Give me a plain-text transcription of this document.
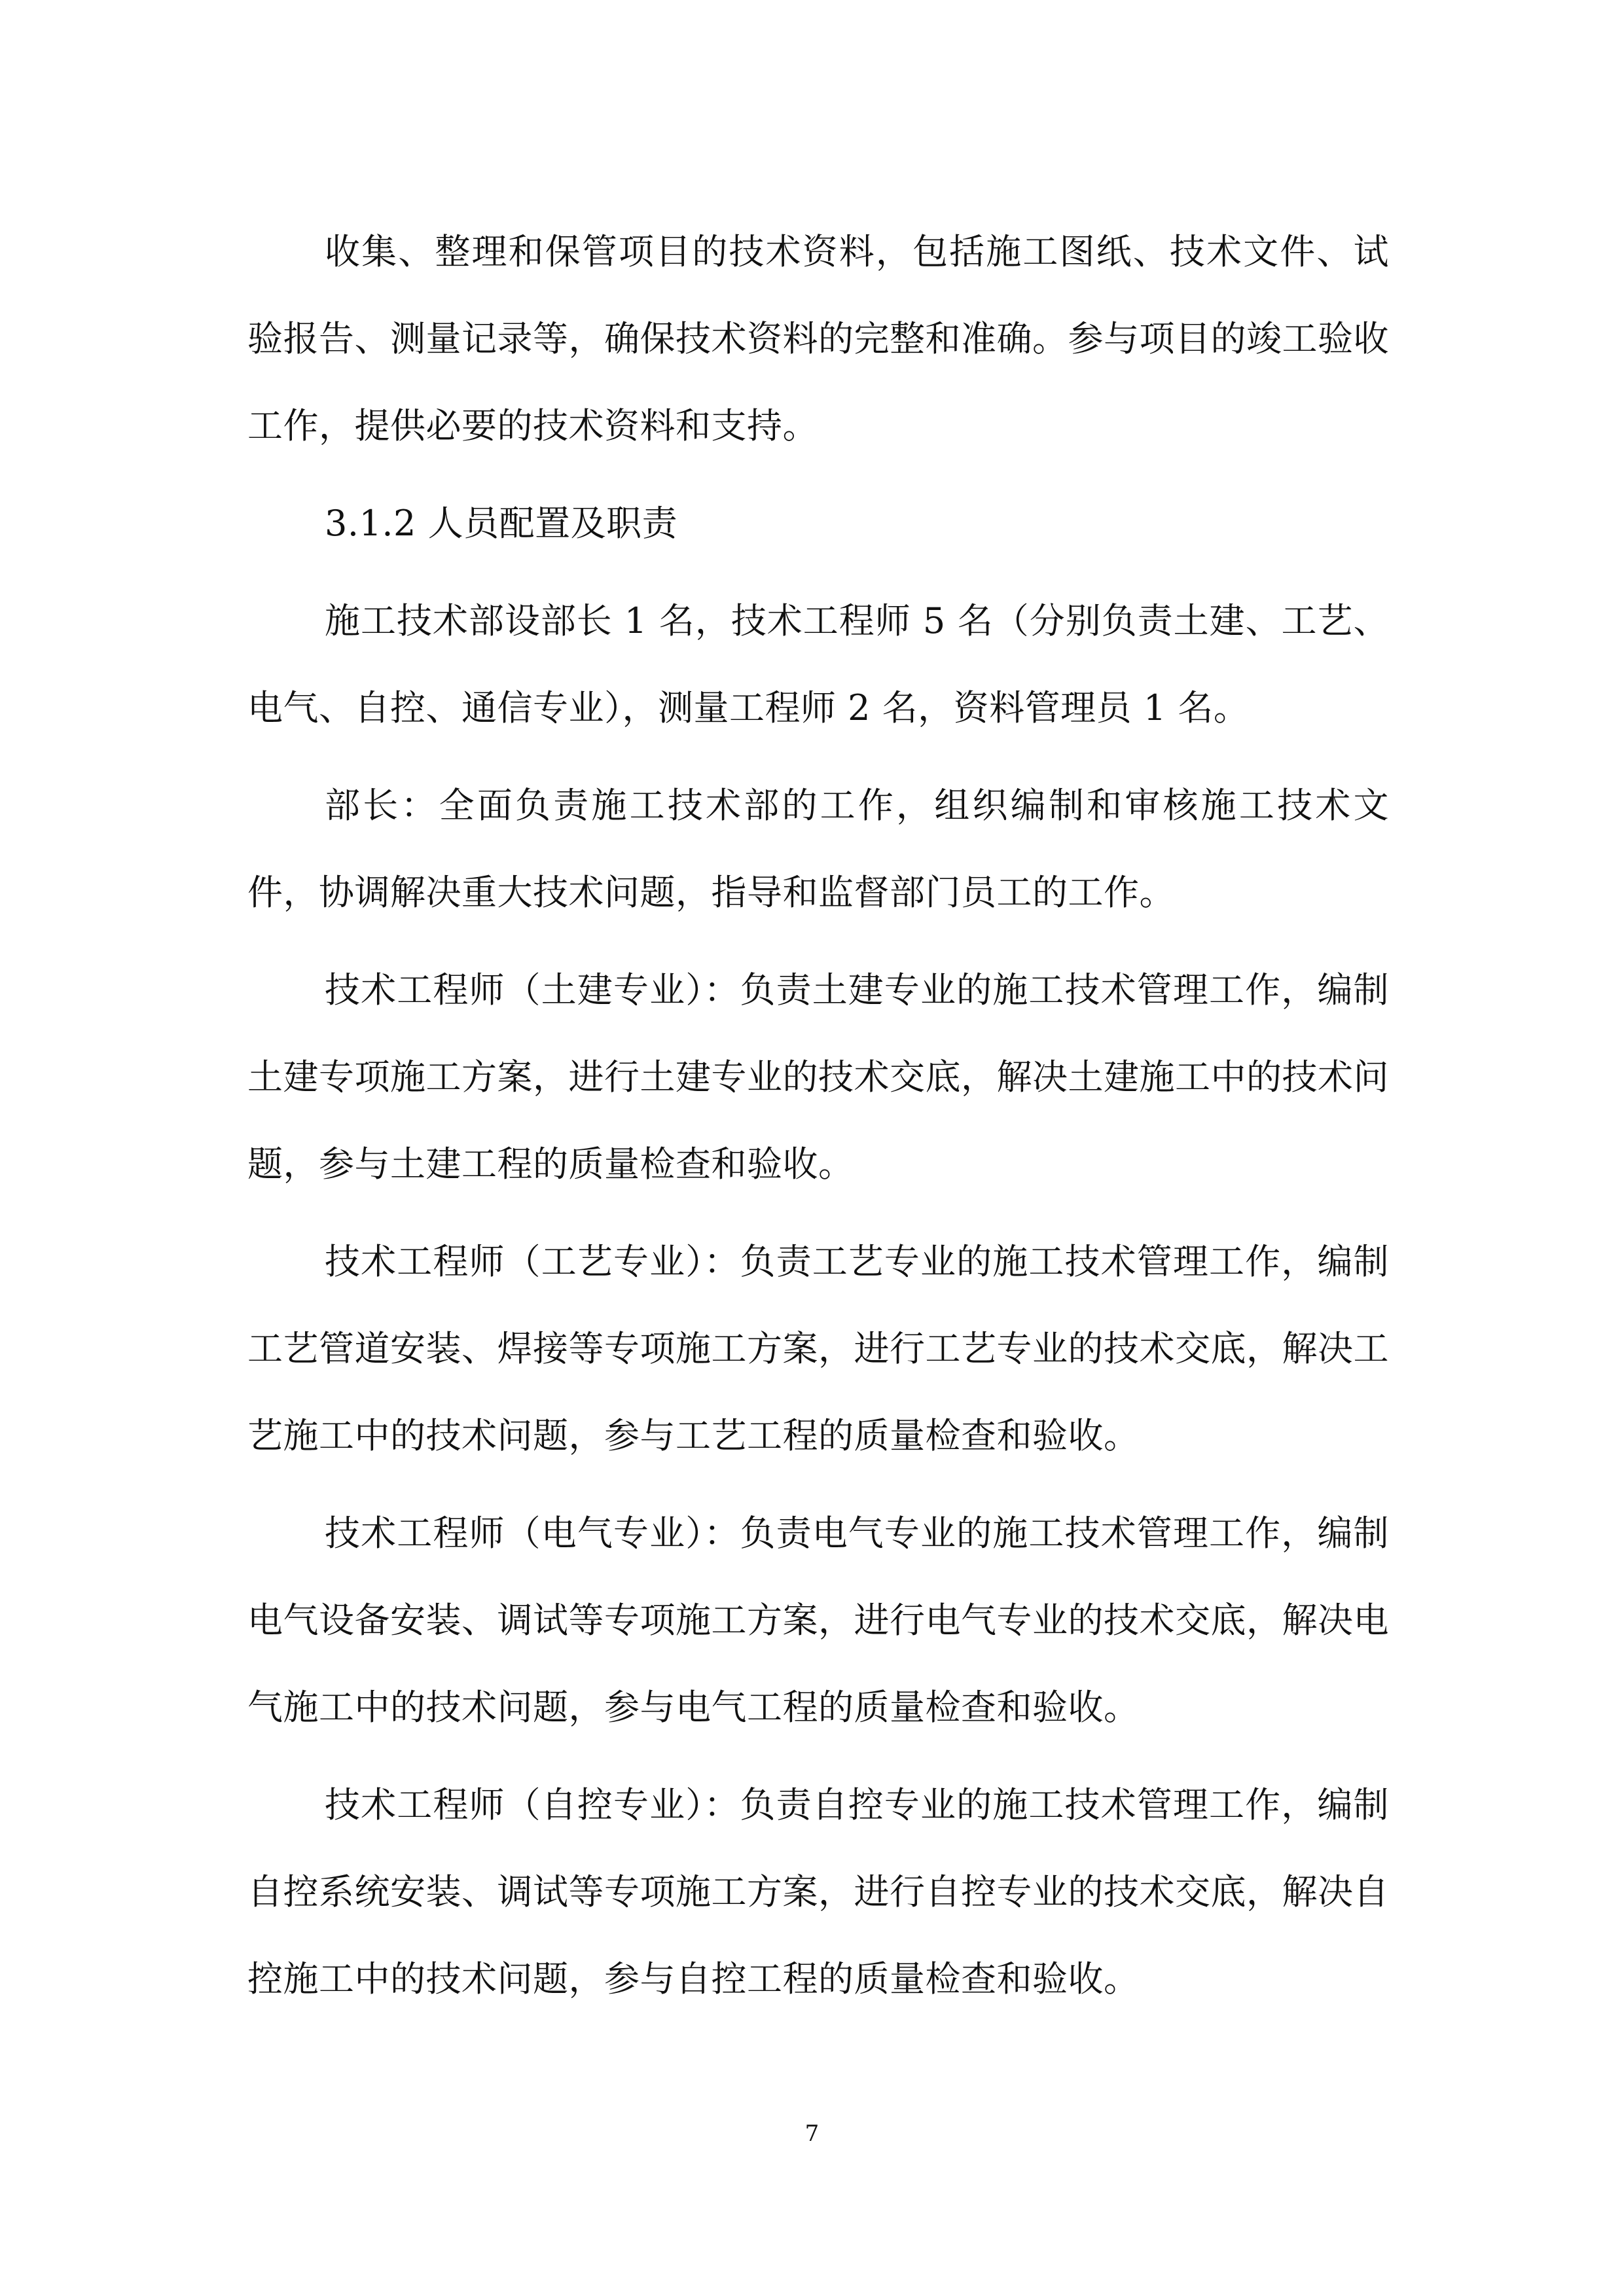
收集、整理和保管项目的技术资料，包括施工图纸、技术文件、试验报告、测量记录等，确保技术资料的完整和准确。参与项目的竣工验收工作，提供必要的技术资料和支持。

3.1.2 人员配置及职责

施工技术部设部长 1 名，技术工程师 5 名（分别负责土建、工艺、电气、自控、通信专业），测量工程师 2 名，资料管理员 1 名。

部长：全面负责施工技术部的工作，组织编制和审核施工技术文件，协调解决重大技术问题，指导和监督部门员工的工作。

技术工程师（土建专业）：负责土建专业的施工技术管理工作，编制土建专项施工方案，进行土建专业的技术交底，解决土建施工中的技术问题，参与土建工程的质量检查和验收。

技术工程师（工艺专业）：负责工艺专业的施工技术管理工作，编制工艺管道安装、焊接等专项施工方案，进行工艺专业的技术交底，解决工艺施工中的技术问题，参与工艺工程的质量检查和验收。

技术工程师（电气专业）：负责电气专业的施工技术管理工作，编制电气设备安装、调试等专项施工方案，进行电气专业的技术交底，解决电气施工中的技术问题，参与电气工程的质量检查和验收。

技术工程师（自控专业）：负责自控专业的施工技术管理工作，编制自控系统安装、调试等专项施工方案，进行自控专业的技术交底，解决自控施工中的技术问题，参与自控工程的质量检查和验收。

7
